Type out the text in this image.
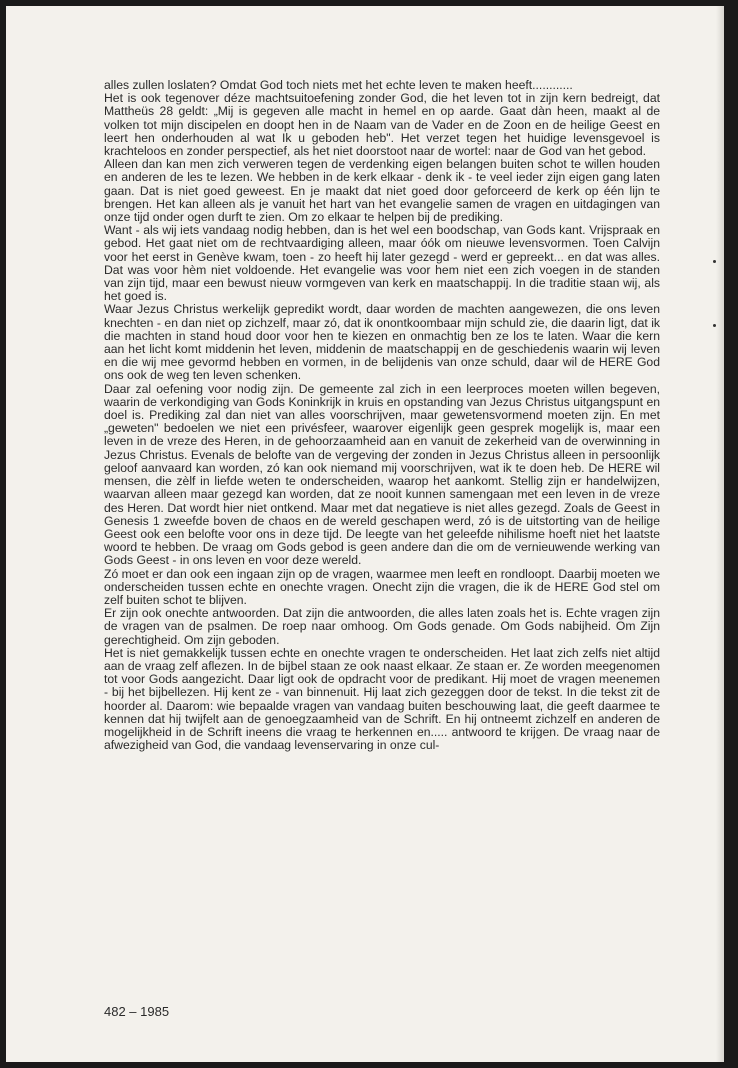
alles zullen loslaten? Omdat God toch niets met het echte leven te maken heeft............

Het is ook tegenover déze machtsuitoefening zonder God, die het leven tot in zijn kern bedreigt, dat Mattheüs 28 geldt: „Mij is gegeven alle macht in hemel en op aarde. Gaat dàn heen, maakt al de volken tot mijn discipelen en doopt hen in de Naam van de Vader en de Zoon en de heilige Geest en leert hen onderhouden al wat Ik u geboden heb". Het verzet tegen het huidige levensgevoel is krachteloos en zonder perspectief, als het niet doorstoot naar de wortel: naar de God van het gebod.

Alleen dan kan men zich verweren tegen de verdenking eigen belangen buiten schot te willen houden en anderen de les te lezen. We hebben in de kerk elkaar - denk ik - te veel ieder zijn eigen gang laten gaan. Dat is niet goed geweest. En je maakt dat niet goed door geforceerd de kerk op één lijn te brengen. Het kan alleen als je vanuit het hart van het evangelie samen de vragen en uitdagingen van onze tijd onder ogen durft te zien. Om zo elkaar te helpen bij de prediking.

Want - als wij iets vandaag nodig hebben, dan is het wel een boodschap, van Gods kant. Vrijspraak en gebod. Het gaat niet om de rechtvaardiging alleen, maar óók om nieuwe levensvormen. Toen Calvijn voor het eerst in Genève kwam, toen - zo heeft hij later gezegd - werd er gepreekt... en dat was alles. Dat was voor hèm niet voldoende. Het evangelie was voor hem niet een zich voegen in de standen van zijn tijd, maar een bewust nieuw vormgeven van kerk en maatschappij. In die traditie staan wij, als het goed is.

Waar Jezus Christus werkelijk gepredikt wordt, daar worden de machten aangewezen, die ons leven knechten - en dan niet op zichzelf, maar zó, dat ik onontkoombaar mijn schuld zie, die daarin ligt, dat ik die machten in stand houd door voor hen te kiezen en onmachtig ben ze los te laten. Waar die kern aan het licht komt middenin het leven, middenin de maatschappij en de geschiedenis waarin wij leven en die wij mee gevormd hebben en vormen, in de belijdenis van onze schuld, daar wil de HERE God ons ook de weg ten leven schenken.

Daar zal oefening voor nodig zijn. De gemeente zal zich in een leerproces moeten willen begeven, waarin de verkondiging van Gods Koninkrijk in kruis en opstanding van Jezus Christus uitgangspunt en doel is. Prediking zal dan niet van alles voorschrijven, maar gewetensvormend moeten zijn. En met „geweten" bedoelen we niet een privésfeer, waarover eigenlijk geen gesprek mogelijk is, maar een leven in de vreze des Heren, in de gehoorzaamheid aan en vanuit de zekerheid van de overwinning in Jezus Christus. Evenals de belofte van de vergeving der zonden in Jezus Christus alleen in persoonlijk geloof aanvaard kan worden, zó kan ook niemand mij voorschrijven, wat ik te doen heb. De HERE wil mensen, die zèlf in liefde weten te onderscheiden, waarop het aankomt. Stellig zijn er handelwijzen, waarvan alleen maar gezegd kan worden, dat ze nooit kunnen samengaan met een leven in de vreze des Heren. Dat wordt hier niet ontkend. Maar met dat negatieve is niet alles gezegd. Zoals de Geest in Genesis 1 zweefde boven de chaos en de wereld geschapen werd, zó is de uitstorting van de heilige Geest ook een belofte voor ons in deze tijd. De leegte van het geleefde nihilisme hoeft niet het laatste woord te hebben. De vraag om Gods gebod is geen andere dan die om de vernieuwende werking van Gods Geest - in ons leven en voor deze wereld.

Zó moet er dan ook een ingaan zijn op de vragen, waarmee men leeft en rondloopt. Daarbij moeten we onderscheiden tussen echte en onechte vragen. Onecht zijn die vragen, die ik de HERE God stel om zelf buiten schot te blijven.

Er zijn ook onechte antwoorden. Dat zijn die antwoorden, die alles laten zoals het is. Echte vragen zijn de vragen van de psalmen. De roep naar omhoog. Om Gods genade. Om Gods nabijheid. Om Zijn gerechtigheid. Om zijn geboden.

Het is niet gemakkelijk tussen echte en onechte vragen te onderscheiden. Het laat zich zelfs niet altijd aan de vraag zelf aflezen. In de bijbel staan ze ook naast elkaar. Ze staan er. Ze worden meegenomen tot voor Gods aangezicht. Daar ligt ook de opdracht voor de predikant. Hij moet de vragen meenemen - bij het bijbellezen. Hij kent ze - van binnenuit. Hij laat zich gezeggen door de tekst. In die tekst zit de hoorder al. Daarom: wie bepaalde vragen van vandaag buiten beschouwing laat, die geeft daarmee te kennen dat hij twijfelt aan de genoegzaamheid van de Schrift. En hij ontneemt zichzelf en anderen de mogelijkheid in de Schrift ineens die vraag te herkennen en..... antwoord te krijgen. De vraag naar de afwezigheid van God, die vandaag levenservaring in onze cul-

482 – 1985
